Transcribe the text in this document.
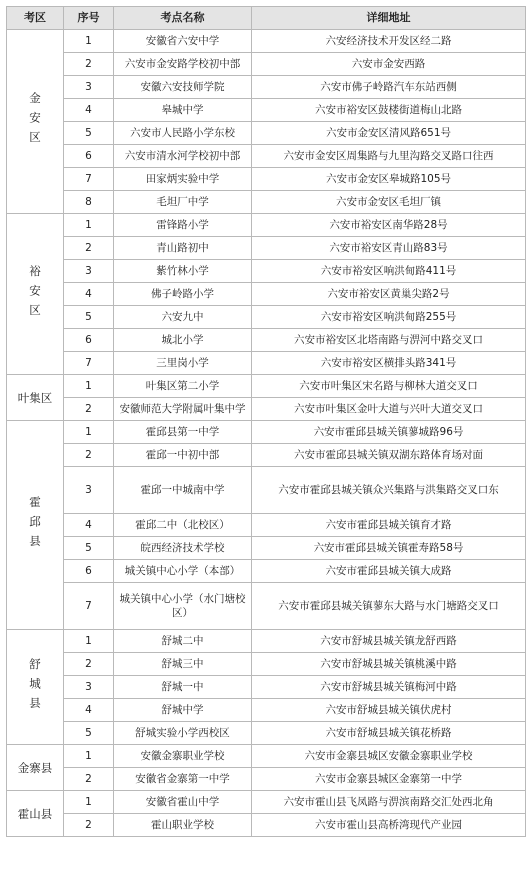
考区	序号	考点名称	详细地址
金安区	1	安徽省六安中学	六安经济技术开发区经二路
	2	六安市金安路学校初中部	六安市金安西路
	3	安徽六安技师学院	六安市佛子岭路汽车东站西侧
	4	皋城中学	六安市裕安区鼓楼街道梅山北路
	5	六安市人民路小学东校	六安市金安区清风路651号
	6	六安市清水河学校初中部	六安市金安区周集路与九里沟路交叉路口往西
	7	田家炳实验中学	六安市金安区皋城路105号
	8	毛坦厂中学	六安市金安区毛坦厂镇
裕安区	1	雷锋路小学	六安市裕安区南华路28号
	2	青山路初中	六安市裕安区青山路83号
	3	紫竹林小学	六安市裕安区响洪甸路411号
	4	佛子岭路小学	六安市裕安区黄巢尖路2号
	5	六安九中	六安市裕安区响洪甸路255号
	6	城北小学	六安市裕安区北塔南路与淠河中路交叉口
	7	三里岗小学	六安市裕安区横排头路341号
叶集区	1	叶集区第二小学	六安市叶集区宋名路与柳林大道交叉口
	2	安徽师范大学附属叶集中学	六安市叶集区金叶大道与兴叶大道交叉口
霍邱县	1	霍邱县第一中学	六安市霍邱县城关镇蓼城路96号
	2	霍邱一中初中部	六安市霍邱县城关镇双湖东路体育场对面
	3	霍邱一中城南中学	六安市霍邱县城关镇众兴集路与洪集路交叉口东
	4	霍邱二中（北校区）	六安市霍邱县城关镇育才路
	5	皖西经济技术学校	六安市霍邱县城关镇霍寿路58号
	6	城关镇中心小学（本部）	六安市霍邱县城关镇大成路
	7	城关镇中心小学（水门塘校区）	六安市霍邱县城关镇蓼东大路与水门塘路交叉口
舒城县	1	舒城二中	六安市舒城县城关镇龙舒西路
	2	舒城三中	六安市舒城县城关镇桃溪中路
	3	舒城一中	六安市舒城县城关镇梅河中路
	4	舒城中学	六安市舒城县城关镇伏虎村
	5	舒城实验小学西校区	六安市舒城县城关镇花桥路
金寨县	1	安徽金寨职业学校	六安市金寨县城区安徽金寨职业学校
	2	安徽省金寨第一中学	六安市金寨县城区金寨第一中学
霍山县	1	安徽省霍山中学	六安市霍山县飞凤路与淠滨南路交汇处西北角
	2	霍山职业学校	六安市霍山县高桥湾现代产业园
